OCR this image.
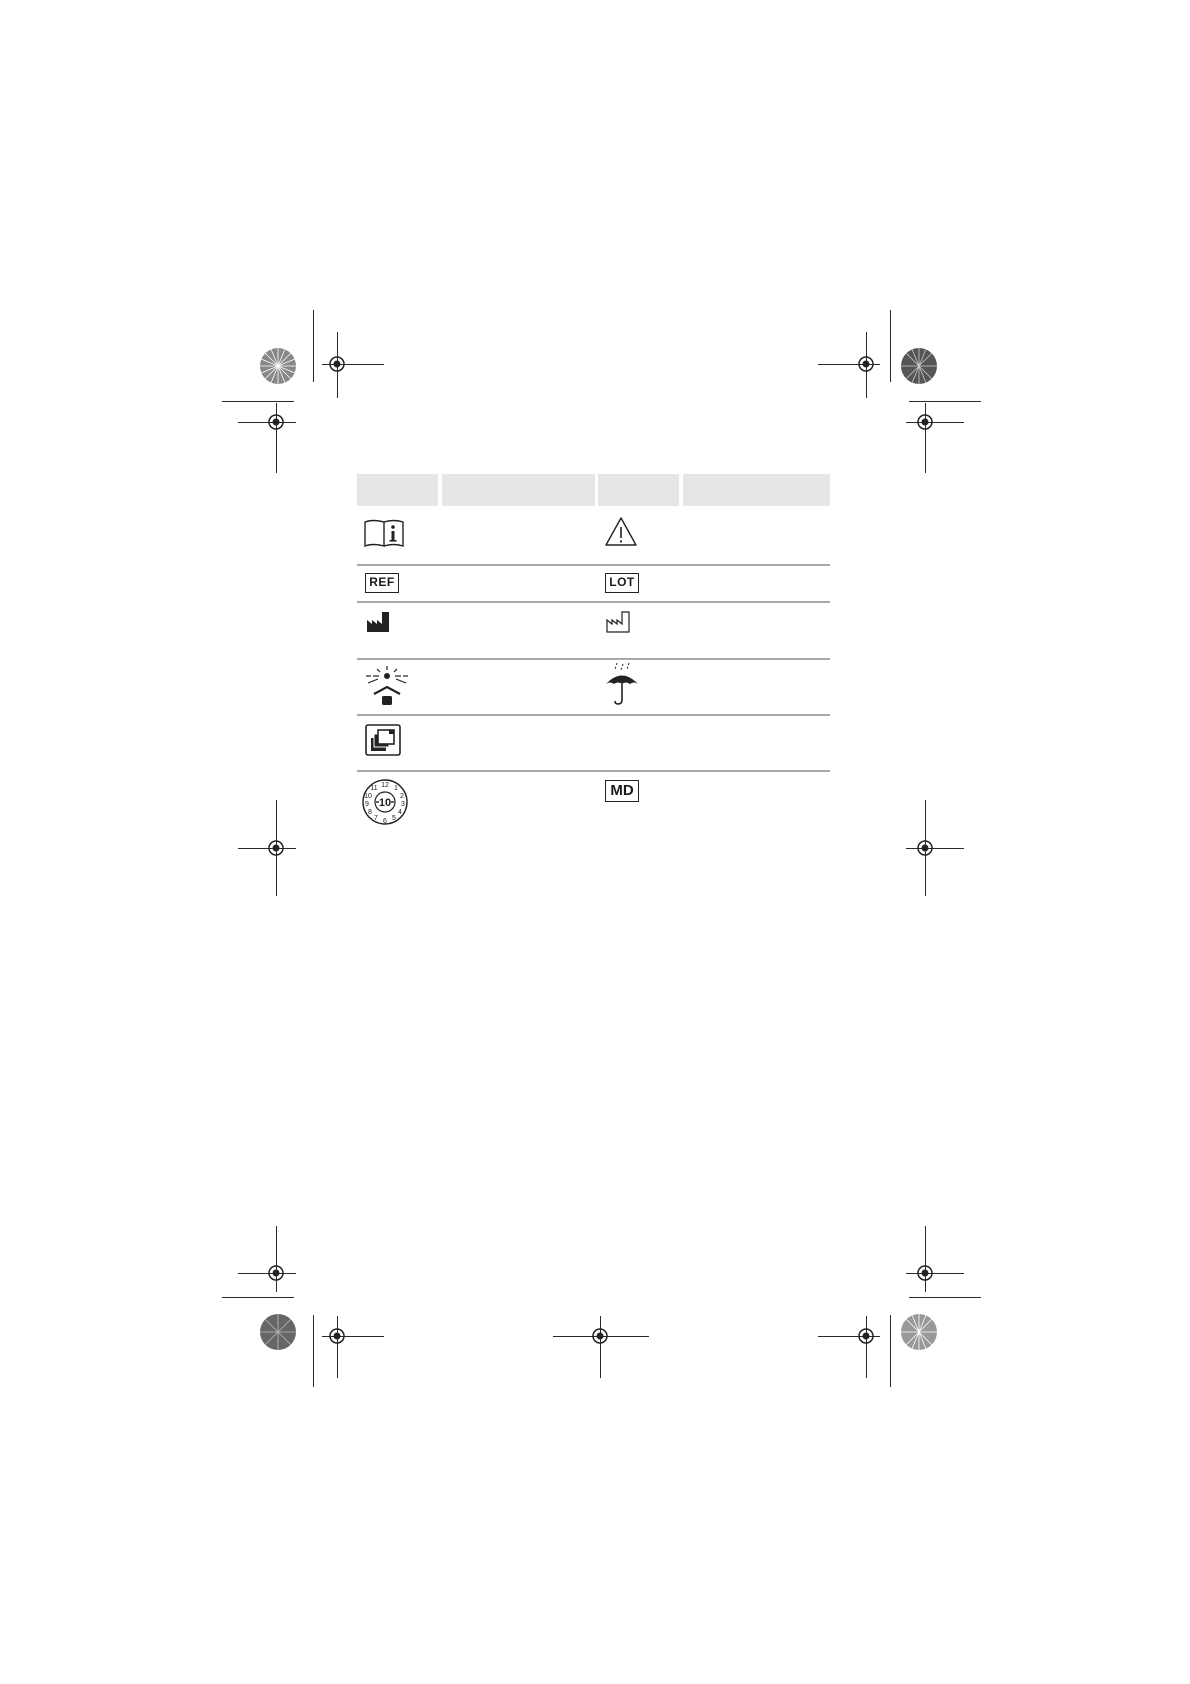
REF	LOT
12 1
2
3
4
5
6
7
8
9
10
11
10
MD
